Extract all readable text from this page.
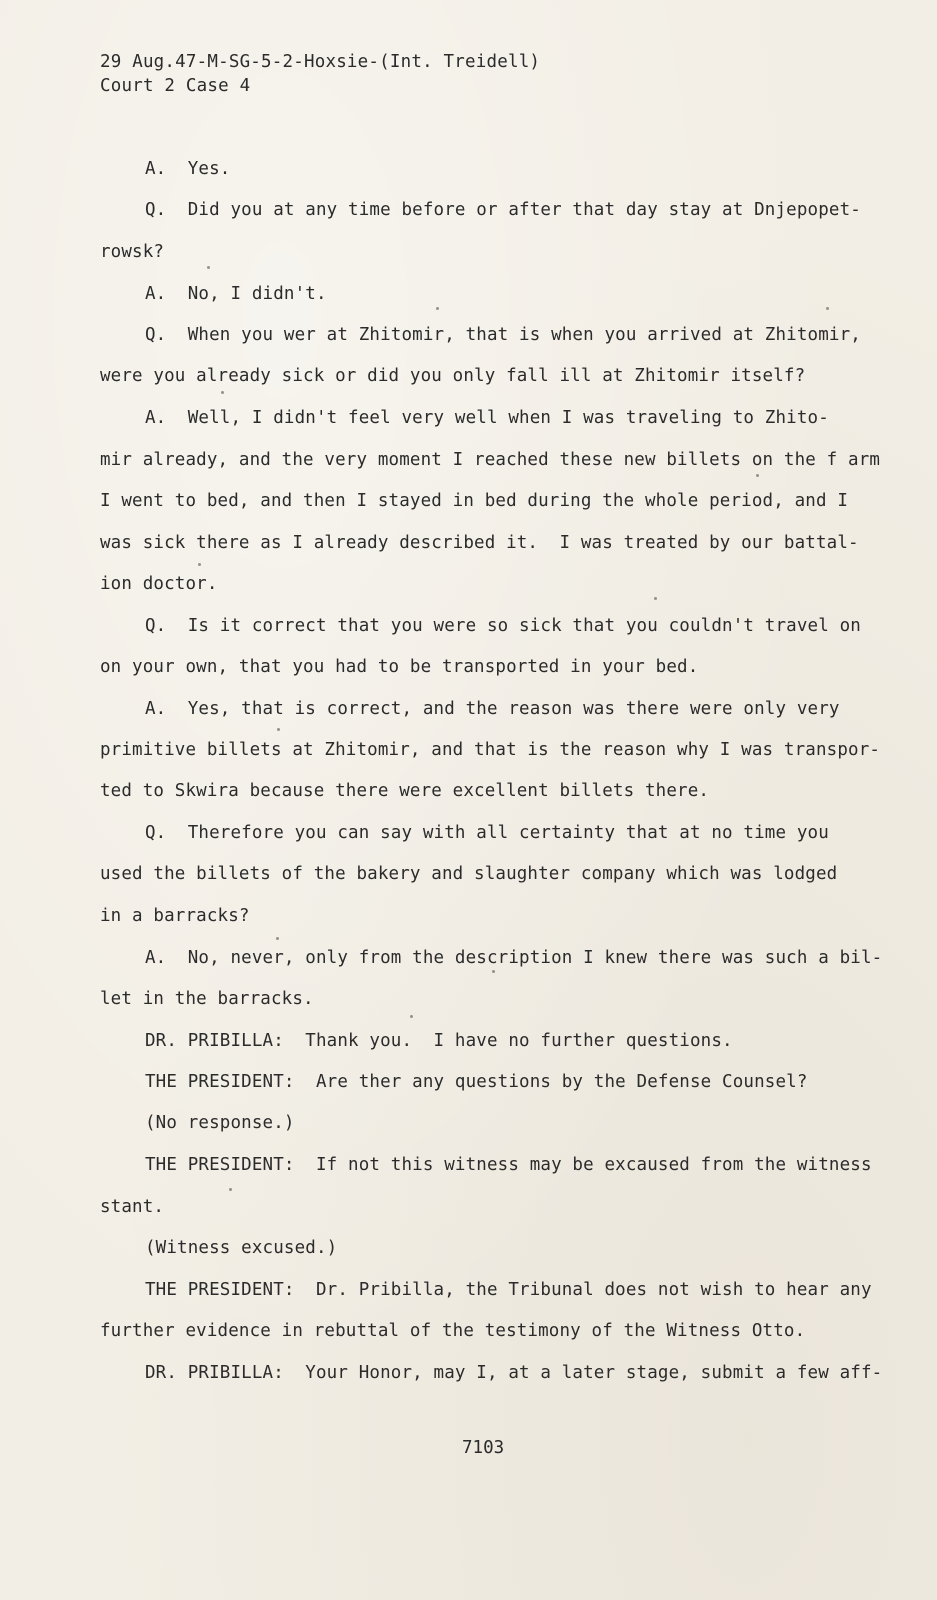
29 Aug.47-M-SG-5-2-Hoxsie-(Int. Treidell)
Court 2 Case 4
A.  Yes.
Q.  Did you at any time before or after that day stay at Dnjepopet-
rowsk?
A.  No, I didn't.
Q.  When you wer at Zhitomir, that is when you arrived at Zhitomir,
were you already sick or did you only fall ill at Zhitomir itself?
A.  Well, I didn't feel very well when I was traveling to Zhito-
mir already, and the very moment I reached these new billets on the f arm
I went to bed, and then I stayed in bed during the whole period, and I
was sick there as I already described it.  I was treated by our battal-
ion doctor.
Q.  Is it correct that you were so sick that you couldn't travel on
on your own, that you had to be transported in your bed.
A.  Yes, that is correct, and the reason was there were only very
primitive billets at Zhitomir, and that is the reason why I was transpor-
ted to Skwira because there were excellent billets there.
Q.  Therefore you can say with all certainty that at no time you
used the billets of the bakery and slaughter company which was lodged
in a barracks?
A.  No, never, only from the description I knew there was such a bil-
let in the barracks.
DR. PRIBILLA:  Thank you.  I have no further questions.
THE PRESIDENT:  Are ther any questions by the Defense Counsel?
(No response.)
THE PRESIDENT:  If not this witness may be excaused from the witness
stant.
(Witness excused.)
THE PRESIDENT:  Dr. Pribilla, the Tribunal does not wish to hear any
further evidence in rebuttal of the testimony of the Witness Otto.
DR. PRIBILLA:  Your Honor, may I, at a later stage, submit a few aff-
7103
